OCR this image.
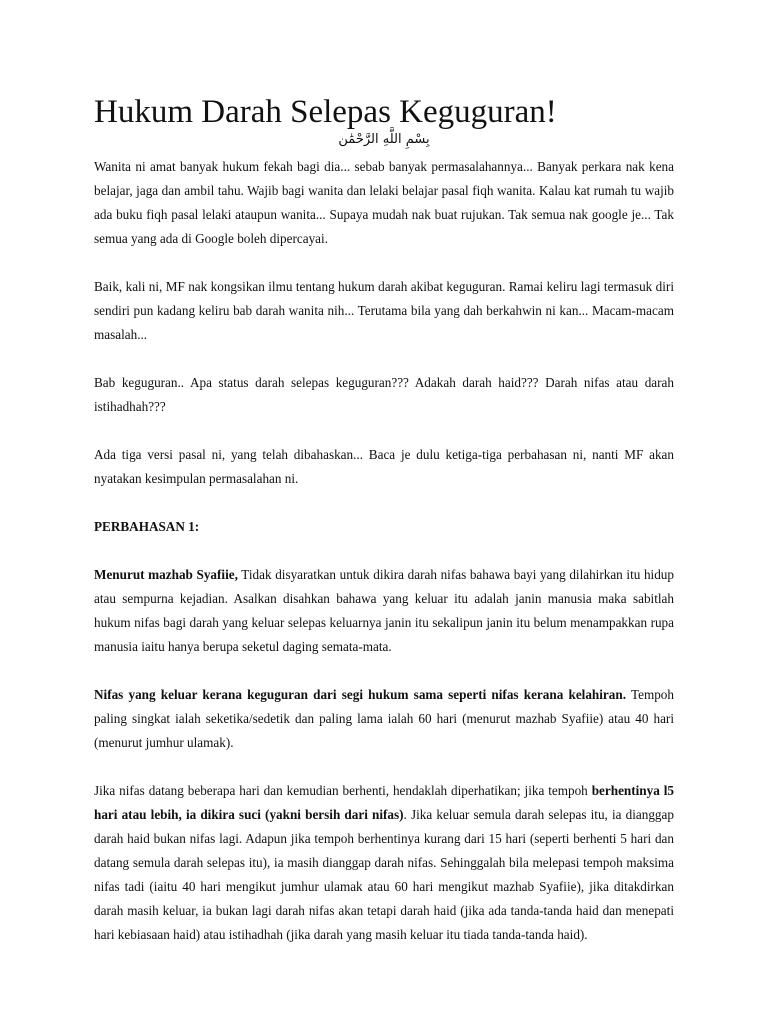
Hukum Darah Selepas Keguguran!
بِسْمِ اللَّهِ الرَّحْمَٰن

Wanita ni amat banyak hukum fekah bagi dia... sebab banyak permasalahannya... Banyak perkara nak kena belajar, jaga dan ambil tahu. Wajib bagi wanita dan lelaki belajar pasal fiqh wanita. Kalau kat rumah tu wajib ada buku fiqh pasal lelaki ataupun wanita... Supaya mudah nak buat rujukan. Tak semua nak google je... Tak semua yang ada di Google boleh dipercayai.

Baik, kali ni, MF nak kongsikan ilmu tentang hukum darah akibat keguguran. Ramai keliru lagi termasuk diri sendiri pun kadang keliru bab darah wanita nih... Terutama bila yang dah berkahwin ni kan... Macam-macam masalah...

Bab keguguran.. Apa status darah selepas keguguran??? Adakah darah haid??? Darah nifas atau darah istihadhah???

Ada tiga versi pasal ni, yang telah dibahaskan... Baca je dulu ketiga-tiga perbahasan ni, nanti MF akan nyatakan kesimpulan permasalahan ni.

PERBAHASAN 1:

Menurut mazhab Syafiie, Tidak disyaratkan untuk dikira darah nifas bahawa bayi yang dilahirkan itu hidup atau sempurna kejadian. Asalkan disahkan bahawa yang keluar itu adalah janin manusia maka sabitlah hukum nifas bagi darah yang keluar selepas keluarnya janin itu sekalipun janin itu belum menampakkan rupa manusia iaitu hanya berupa seketul daging semata-mata.

Nifas yang keluar kerana keguguran dari segi hukum sama seperti nifas kerana kelahiran. Tempoh paling singkat ialah seketika/sedetik dan paling lama ialah 60 hari (menurut mazhab Syafiie) atau 40 hari (menurut jumhur ulamak).

Jika nifas datang beberapa hari dan kemudian berhenti, hendaklah diperhatikan; jika tempoh berhentinya l5 hari atau lebih, ia dikira suci (yakni bersih dari nifas). Jika keluar semula darah selepas itu, ia dianggap darah haid bukan nifas lagi. Adapun jika tempoh berhentinya kurang dari 15 hari (seperti berhenti 5 hari dan datang semula darah selepas itu), ia masih dianggap darah nifas. Sehinggalah bila melepasi tempoh maksima nifas tadi (iaitu 40 hari mengikut jumhur ulamak atau 60 hari mengikut mazhab Syafiie), jika ditakdirkan darah masih keluar, ia bukan lagi darah nifas akan tetapi darah haid (jika ada tanda-tanda haid dan menepati hari kebiasaan haid) atau istihadhah (jika darah yang masih keluar itu tiada tanda-tanda haid).
